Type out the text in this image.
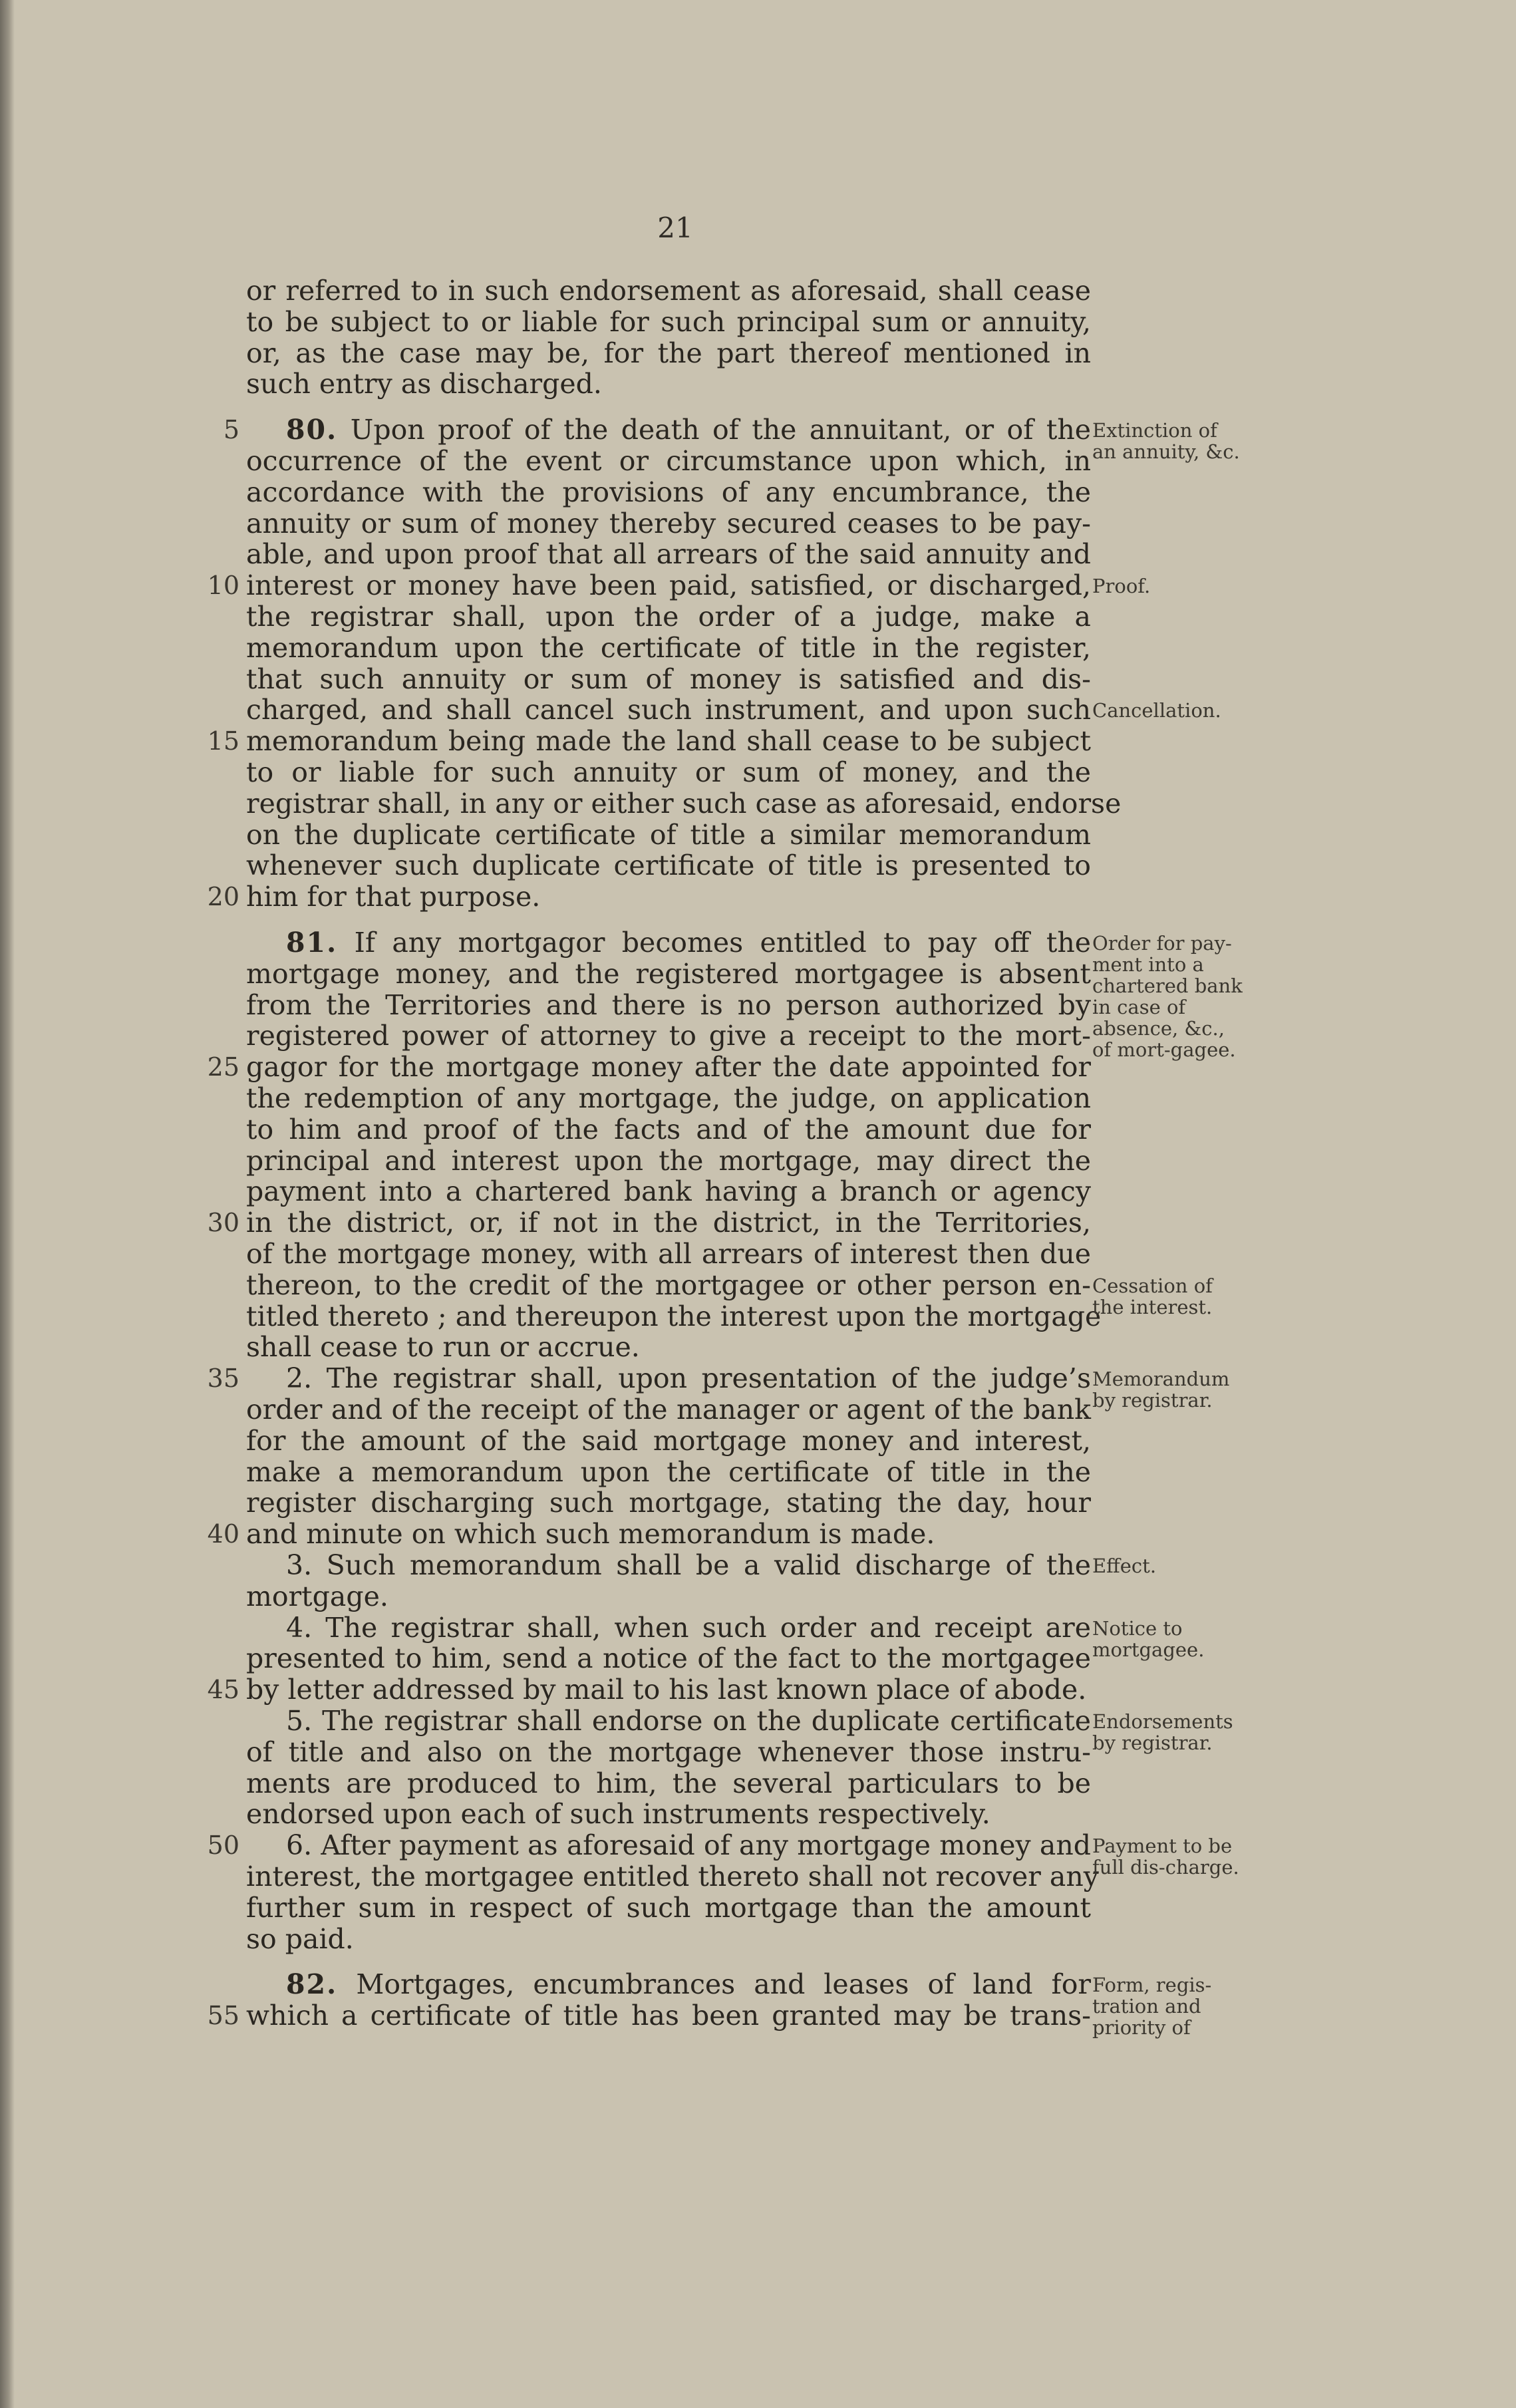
21
or referred to in such endorsement as aforesaid, shall cease
to be subject to or liable for such principal sum or annuity,
or, as the case may be, for the part thereof mentioned in
such entry as discharged.
80. Upon proof of the death of the annuitant, or of the
5
occurrence of the event or circumstance upon which, in
accordance with the provisions of any encumbrance, the
annuity or sum of money thereby secured ceases to be pay-
able, and upon proof that all arrears of the said annuity and
interest or money have been paid, satisfied, or discharged,
10
the registrar shall, upon the order of a judge, make a
memorandum upon the certificate of title in the register,
that such annuity or sum of money is satisfied and dis-
charged, and shall cancel such instrument, and upon such
memorandum being made the land shall cease to be subject
15
to or liable for such annuity or sum of money, and the
registrar shall, in any or either such case as aforesaid, endorse
on the duplicate certificate of title a similar memorandum
whenever such duplicate certificate of title is presented to
him for that purpose.
20
81. If any mortgagor becomes entitled to pay off the
mortgage money, and the registered mortgagee is absent
from the Territories and there is no person authorized by
registered power of attorney to give a receipt to the mort-
gagor for the mortgage money after the date appointed for
25
the redemption of any mortgage, the judge, on application
to him and proof of the facts and of the amount due for
principal and interest upon the mortgage, may direct the
payment into a chartered bank having a branch or agency
in the district, or, if not in the district, in the Territories,
30
of the mortgage money, with all arrears of interest then due
thereon, to the credit of the mortgagee or other person en-
titled thereto ; and thereupon the interest upon the mortgage
shall cease to run or accrue.
2. The registrar shall, upon presentation of the judge’s
35
order and of the receipt of the manager or agent of the bank
for the amount of the said mortgage money and interest,
make a memorandum upon the certificate of title in the
register discharging such mortgage, stating the day, hour
and minute on which such memorandum is made.
40
3. Such memorandum shall be a valid discharge of the
mortgage.
4. The registrar shall, when such order and receipt are
presented to him, send a notice of the fact to the mortgagee
by letter addressed by mail to his last known place of abode.
45
5. The registrar shall endorse on the duplicate certificate
of title and also on the mortgage whenever those instru-
ments are produced to him, the several particulars to be
endorsed upon each of such instruments respectively.
6. After payment as aforesaid of any mortgage money and
50
interest, the mortgagee entitled thereto shall not recover any
further sum in respect of such mortgage than the amount
so paid.
82. Mortgages, encumbrances and leases of land for
which a certificate of title has been granted may be trans-
55
Extinction of an annuity, &c.
Proof.
Cancellation.
Order for pay-ment into a chartered bank in case of absence, &c., of mort-gagee.
Cessation of the interest.
Memorandum by registrar.
Effect.
Notice to mortgagee.
Endorsements by registrar.
Payment to be full dis-charge.
Form, regis-tration and priority of
